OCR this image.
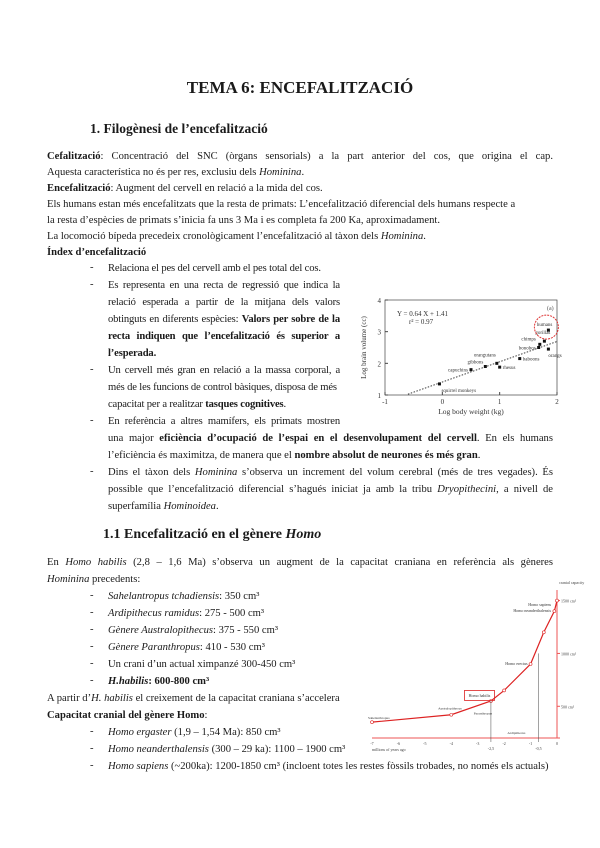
TEMA 6: ENCEFALITZACIÓ
1. Filogènesi de l’encefalització
Cefalització: Concentració del SNC (òrgans sensorials) a la part anterior del cos, que origina el cap.
Aquesta característica no és per res, exclusiu dels Hominina.
Encefalització: Augment del cervell en relació a la mida del cos.
Els humans estan més encefalitzats que la resta de primats: L’encefalització diferencial dels humans respecte a
la resta d’espècies de primats s’inicia fa uns 3 Ma i es completa fa 200 Ka, aproximadament.
La locomoció bípeda precedeix cronològicament l’encefalització al tàxon dels Hominina.
Índex d’encefalització
- Relaciona el pes del cervell amb el pes total del cos.
- Es representa en una recta de regressió que indica la
relació esperada a partir de la mitjana dels valors
obtinguts en diferents espècies: Valors per sobre de la
recta indiquen que l’encefalització és superior a
l’esperada.
- Un cervell més gran en relació a la massa corporal, a
més de les funcions de control bàsiques, disposa de més
capacitat per a realitzar tasques cognitives.
- En referència a altres mamífers, els primats mostren
una major eficiència d’ocupació de l’espai en el desenvolupament del cervell. En els humans
l’eficiència és maximitza, de manera que el nombre absolut de neurones és més gran.
- Dins el tàxon dels Hominina s’observa un increment del volum cerebral (més de tres vegades). És
possible que l’encefalització diferencial s’hagués iniciat ja amb la tribu Dryopithecini, a nivell de
superfamília Hominoidea.
-1	0	1	2
1
2
3
4
squirrel monkeys
capuchins
gibbons
orangutans
rhesus
baboons
bonobos
chimps
gorillas
orangs
humans
Y = 0.64 X + 1.41
r² = 0.97
(a)
Log body weight (kg)
Log brain volume (cc)
1.1 Encefalització en el gènere Homo
En Homo habilis (2,8 – 1,6 Ma) s’observa un augment de la capacitat craniana en referència als gèneres
Hominina precedents:
A partir d’H. habilis el creixement de la capacitat craniana s’accelera
Capacitat cranial del gènere Homo:
-7	-6	-5	-4	-3	-2	-1	0
500 cm³
1000 cm³
1500 cm³
cranial capacity
millions of years ago	-2,5	-0,5
Homo habilis
Homo erectus
Homo sapiens
Homo neanderthalensis
Sahelanthropus
Australopithecus
Ardipithecus
Paranthropus
- Sahelantropus tchadiensis: 350 cm³
- Ardipithecus ramidus: 275 - 500 cm³
- Gènere Australopithecus: 375 - 550 cm³
- Gènere Paranthropus: 410 - 530 cm³
- Un crani d’un actual ximpanzé 300-450 cm³
- H.habilis: 600-800 cm³
- Homo ergaster (1,9 – 1,54 Ma): 850 cm³
- Homo neanderthalensis (300 – 29 ka): 1100 – 1900 cm³
- Homo sapiens (~200ka): 1200-1850 cm³ (incloent totes les restes fòssils trobades, no només els actuals)
